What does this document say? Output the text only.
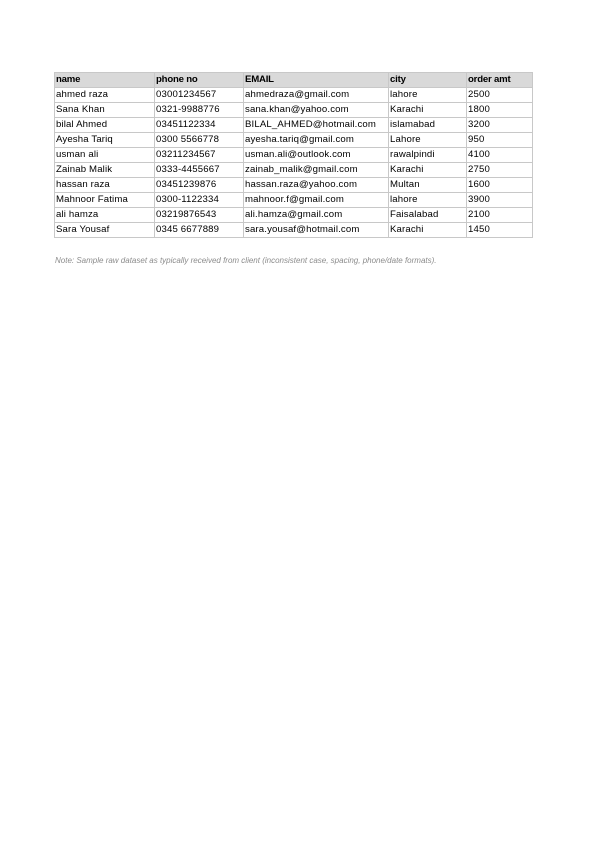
name	phone no	EMAIL	city	order amt
ahmed raza	03001234567	ahmedraza@gmail.com	lahore	2500
Sana Khan	0321-9988776	sana.khan@yahoo.com	Karachi	1800
bilal Ahmed	03451122334	BILAL_AHMED@hotmail.com	islamabad	3200
Ayesha Tariq	0300 5566778	ayesha.tariq@gmail.com	Lahore	950
usman ali	03211234567	usman.ali@outlook.com	rawalpindi	4100
Zainab Malik	0333-4455667	zainab_malik@gmail.com	Karachi	2750
hassan raza	03451239876	hassan.raza@yahoo.com	Multan	1600
Mahnoor Fatima	0300-1122334	mahnoor.f@gmail.com	lahore	3900
ali hamza	03219876543	ali.hamza@gmail.com	Faisalabad	2100
Sara Yousaf	0345 6677889	sara.yousaf@hotmail.com	Karachi	1450
Note: Sample raw dataset as typically received from client (inconsistent case, spacing, phone/date formats).
